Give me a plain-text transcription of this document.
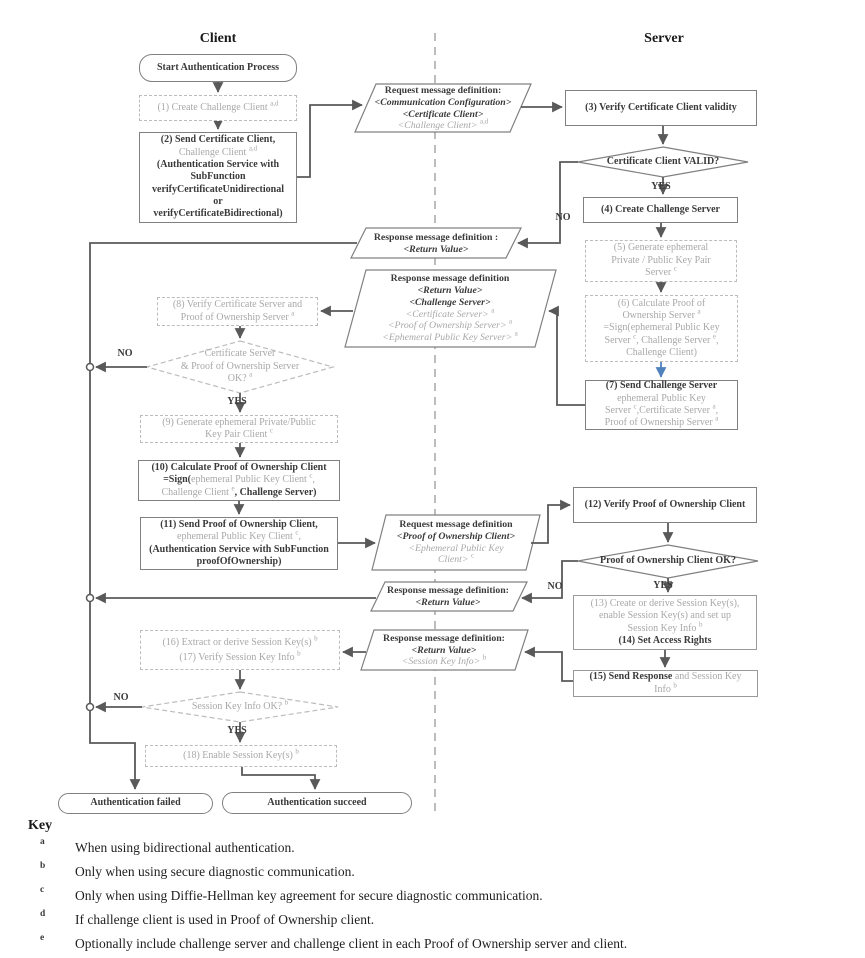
Client	Server
Start Authentication Process
(1) Create Challenge Client $^{a,d}$
(2) Send Certificate Client,
Challenge Client $^{a,d}$
(Authentication Service with
SubFunction
verifyCertificateUnidirectional
or
verifyCertificateBidirectional)
(8) Verify Certificate Server and
Proof of Ownership Server $^a$
Certificate Server
& Proof of Ownership Server
OK? $^a$
(9) Generate ephemeral Private/Public
Key Pair Client $^c$
(10) Calculate Proof of Ownership Client
=Sign(ephemeral Public Key Client $^c$,
Challenge Client $^e$, Challenge Server)
(11) Send Proof of Ownership Client,
ephemeral Public Key Client $^c$,
(Authentication Service with SubFunction
proofOfOwnership)
(16) Extract or derive Session Key(s) $^b$
(17) Verify Session Key Info $^b$
Session Key Info OK? $^b$
(18) Enable Session Key(s) $^b$
Authentication failed	Authentication succeed
(3) Verify Certificate Client validity
Certificate Client VALID?
(4) Create Challenge Server
(5) Generate ephemeral
Private / Public Key Pair
Server $^c$
(6) Calculate Proof of
Ownership Server $^a$
=Sign(ephemeral Public Key
Server $^c$, Challenge Server $^e$,
Challenge Client)
(7) Send Challenge Server
ephemeral Public Key
Server $^c$,Certificate Server $^a$,
Proof of Ownership Server $^a$
(12) Verify Proof of Ownership Client
Proof of Ownership Client OK?
(13) Create or derive Session Key(s),
enable Session Key(s) and set up
Session Key Info $^b$
(14) Set Access Rights
(15) Send Response and Session Key
Info $^b$
Request message definition:
<Communication Configuration>
<Certificate Client>
<Challenge Client> $^{a,d}$
Response message definition :
<Return Value>
Response message definition
<Return Value>
<Challenge Server>
<Certificate Server> $^a$
<Proof of Ownership Server> $^a$
<Ephemeral Public Key Server> $^a$
Request message definition
<Proof of Ownership Client>
<Ephemeral Public Key
Client> $^c$
Response message definition:
<Return Value>
Response message definition:
<Return Value>
<Session Key Info> $^b$
YES
NO
NO
YES
NO	YES
NO
YES
Key
a When using bidirectional authentication.
b Only when using secure diagnostic communication.
c Only when using Diffie-Hellman key agreement for secure diagnostic communication.
d If challenge client is used in Proof of Ownership client.
e Optionally include challenge server and challenge client in each Proof of Ownership server and client.
